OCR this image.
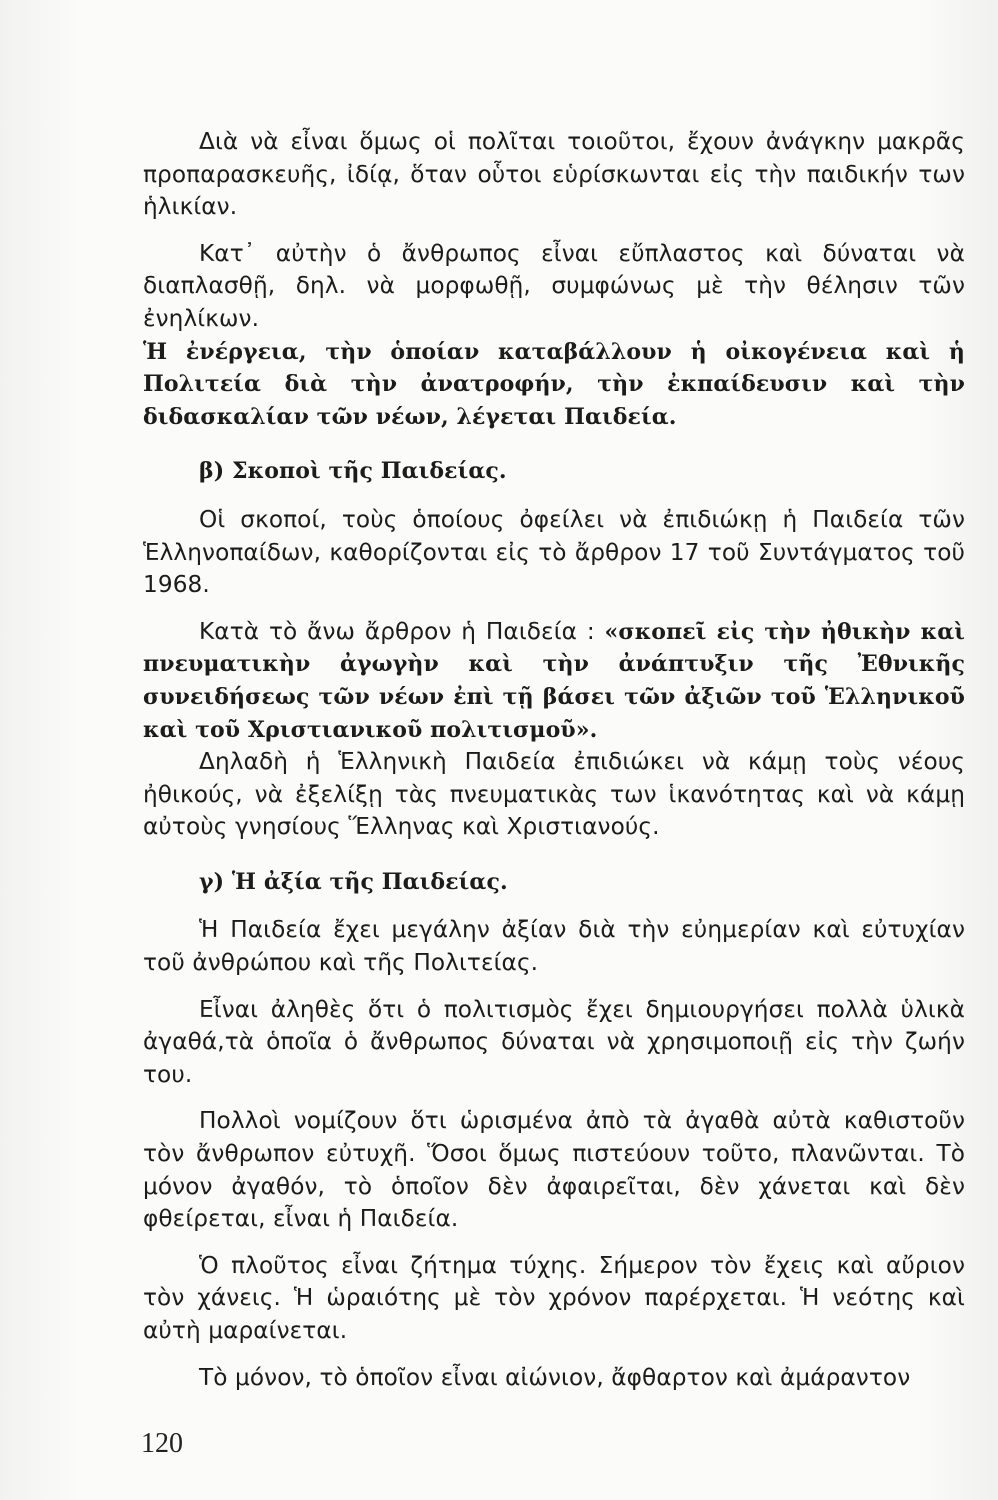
Διὰ νὰ εἶναι ὅμως οἱ πολῖται τοιοῦτοι, ἔχουν ἀνάγκην μακρᾶς προπαρασκευῆς, ἰδίᾳ, ὅταν οὗτοι εὑρίσκωνται εἰς τὴν παιδικήν των ἡλικίαν.

Κατ᾽ αὐτὴν ὁ ἄνθρωπος εἶναι εὔπλαστος καὶ δύναται νὰ διαπλασθῇ, δηλ. νὰ μορφωθῇ, συμφώνως μὲ τὴν θέλησιν τῶν ἐνηλίκων.

Ἡ ἐνέργεια, τὴν ὁποίαν καταβάλλουν ἡ οἰκογένεια καὶ ἡ Πολιτεία διὰ τὴν ἀνατροφήν, τὴν ἐκπαίδευσιν καὶ τὴν διδασκαλίαν τῶν νέων, λέγεται Παιδεία.

β) Σκοποὶ τῆς Παιδείας.

Οἱ σκοποί, τοὺς ὁποίους ὀφείλει νὰ ἐπιδιώκῃ ἡ Παιδεία τῶν Ἑλληνοπαίδων, καθορίζονται εἰς τὸ ἄρθρον 17 τοῦ Συντάγματος τοῦ 1968.

Κατὰ τὸ ἄνω ἄρθρον ἡ Παιδεία : «σκοπεῖ εἰς τὴν ἠθικὴν καὶ πνευματικὴν ἀγωγὴν καὶ τὴν ἀνάπτυξιν τῆς Ἐθνικῆς συνειδήσεως τῶν νέων ἐπὶ τῇ βάσει τῶν ἀξιῶν τοῦ Ἑλληνικοῦ καὶ τοῦ Χριστιανικοῦ πολιτισμοῦ».

Δηλαδὴ ἡ Ἑλληνικὴ Παιδεία ἐπιδιώκει νὰ κάμῃ τοὺς νέους ἠθικούς, νὰ ἐξελίξῃ τὰς πνευματικὰς των ἱκανότητας καὶ νὰ κάμῃ αὐτοὺς γνησίους Ἕλληνας καὶ Χριστιανούς.

γ) Ἡ ἀξία τῆς Παιδείας.

Ἡ Παιδεία ἔχει μεγάλην ἀξίαν διὰ τὴν εὐημερίαν καὶ εὐτυχίαν τοῦ ἀνθρώπου καὶ τῆς Πολιτείας.

Εἶναι ἀληθὲς ὅτι ὁ πολιτισμὸς ἔχει δημιουργήσει πολλὰ ὑλικὰ ἀγαθά,τὰ ὁποῖα ὁ ἄνθρωπος δύναται νὰ χρησιμοποιῇ εἰς τὴν ζωήν του.

Πολλοὶ νομίζουν ὅτι ὡρισμένα ἀπὸ τὰ ἀγαθὰ αὐτὰ καθιστοῦν τὸν ἄνθρωπον εὐτυχῆ. Ὅσοι ὅμως πιστεύουν τοῦτο, πλανῶνται. Τὸ μόνον ἀγαθόν, τὸ ὁποῖον δὲν ἀφαιρεῖται, δὲν χάνεται καὶ δὲν φθείρεται, εἶναι ἡ Παιδεία.

Ὁ πλοῦτος εἶναι ζήτημα τύχης. Σήμερον τὸν ἔχεις καὶ αὔριον τὸν χάνεις. Ἡ ὡραιότης μὲ τὸν χρόνον παρέρχεται. Ἡ νεότης καὶ αὐτὴ μαραίνεται.

Τὸ μόνον, τὸ ὁποῖον εἶναι αἰώνιον, ἄφθαρτον καὶ ἀμάραντον

120
